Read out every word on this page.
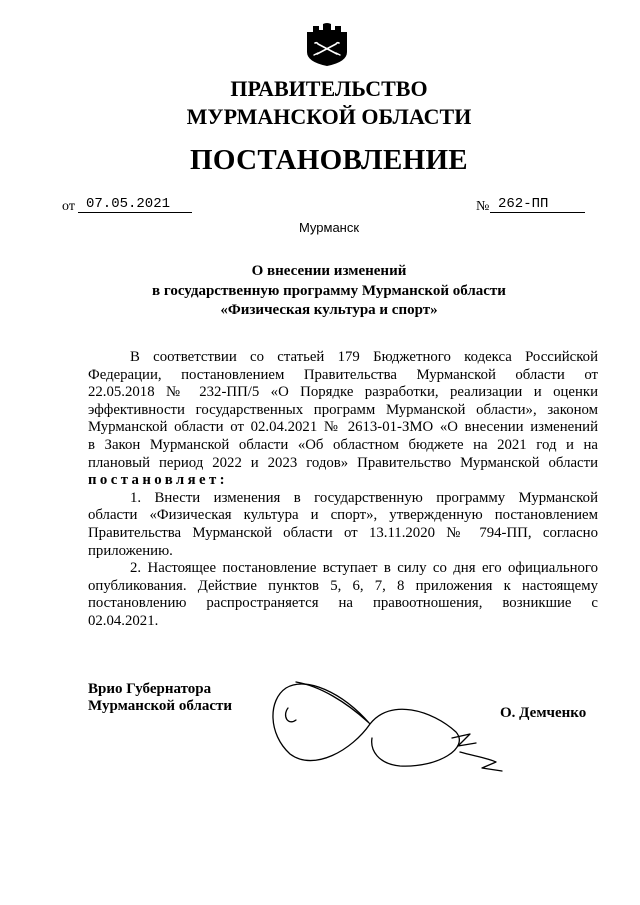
ПРАВИТЕЛЬСТВО
МУРМАНСКОЙ ОБЛАСТИ
ПОСТАНОВЛЕНИЕ
от 07.05.2021	№ 262-ПП
Мурманск
О внесении изменений
в государственную программу Мурманской области
«Физическая культура и спорт»
В соответствии со статьей 179 Бюджетного кодекса Российской
Федерации, постановлением Правительства Мурманской области от
22.05.2018 № 232-ПП/5 «О Порядке разработки, реализации и оценки
эффективности государственных программ Мурманской области», законом
Мурманской области от 02.04.2021 № 2613-01-ЗМО «О внесении изменений
в Закон Мурманской области «Об областном бюджете на 2021 год и на
плановый период 2022 и 2023 годов» Правительство Мурманской области
постановляет:
1. Внести изменения в государственную программу Мурманской
области «Физическая культура и спорт», утвержденную постановлением
Правительства Мурманской области от 13.11.2020 № 794-ПП, согласно
приложению.
2. Настоящее постановление вступает в силу со дня его официального
опубликования. Действие пунктов 5, 6, 7, 8 приложения к настоящему
постановлению распространяется на правоотношения, возникшие с
02.04.2021.
Врио Губернатора
Мурманской области	О. Демченко
